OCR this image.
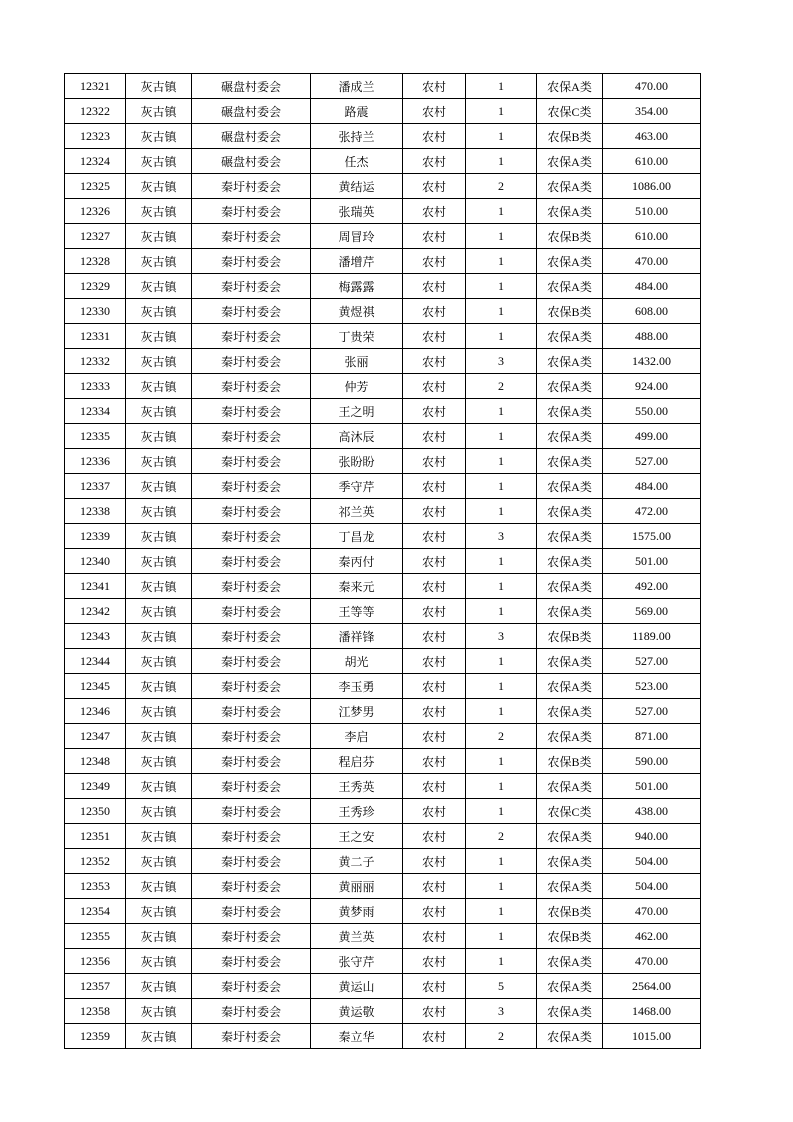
12321	灰古镇	碾盘村委会	潘成兰	农村	1	农保A类	470.00
12322	灰古镇	碾盘村委会	路震	农村	1	农保C类	354.00
12323	灰古镇	碾盘村委会	张持兰	农村	1	农保B类	463.00
12324	灰古镇	碾盘村委会	任杰	农村	1	农保A类	610.00
12325	灰古镇	秦圩村委会	黄结运	农村	2	农保A类	1086.00
12326	灰古镇	秦圩村委会	张瑞英	农村	1	农保A类	510.00
12327	灰古镇	秦圩村委会	周冒玲	农村	1	农保B类	610.00
12328	灰古镇	秦圩村委会	潘增芹	农村	1	农保A类	470.00
12329	灰古镇	秦圩村委会	梅露露	农村	1	农保A类	484.00
12330	灰古镇	秦圩村委会	黄煜祺	农村	1	农保B类	608.00
12331	灰古镇	秦圩村委会	丁贵荣	农村	1	农保A类	488.00
12332	灰古镇	秦圩村委会	张丽	农村	3	农保A类	1432.00
12333	灰古镇	秦圩村委会	仲芳	农村	2	农保A类	924.00
12334	灰古镇	秦圩村委会	王之明	农村	1	农保A类	550.00
12335	灰古镇	秦圩村委会	高沐辰	农村	1	农保A类	499.00
12336	灰古镇	秦圩村委会	张盼盼	农村	1	农保A类	527.00
12337	灰古镇	秦圩村委会	季守芹	农村	1	农保A类	484.00
12338	灰古镇	秦圩村委会	祁兰英	农村	1	农保A类	472.00
12339	灰古镇	秦圩村委会	丁昌龙	农村	3	农保A类	1575.00
12340	灰古镇	秦圩村委会	秦丙付	农村	1	农保A类	501.00
12341	灰古镇	秦圩村委会	秦来元	农村	1	农保A类	492.00
12342	灰古镇	秦圩村委会	王等等	农村	1	农保A类	569.00
12343	灰古镇	秦圩村委会	潘祥锋	农村	3	农保B类	1189.00
12344	灰古镇	秦圩村委会	胡光	农村	1	农保A类	527.00
12345	灰古镇	秦圩村委会	李玉勇	农村	1	农保A类	523.00
12346	灰古镇	秦圩村委会	江梦男	农村	1	农保A类	527.00
12347	灰古镇	秦圩村委会	李启	农村	2	农保A类	871.00
12348	灰古镇	秦圩村委会	程启芬	农村	1	农保B类	590.00
12349	灰古镇	秦圩村委会	王秀英	农村	1	农保A类	501.00
12350	灰古镇	秦圩村委会	王秀珍	农村	1	农保C类	438.00
12351	灰古镇	秦圩村委会	王之安	农村	2	农保A类	940.00
12352	灰古镇	秦圩村委会	黄二子	农村	1	农保A类	504.00
12353	灰古镇	秦圩村委会	黄丽丽	农村	1	农保A类	504.00
12354	灰古镇	秦圩村委会	黄梦雨	农村	1	农保B类	470.00
12355	灰古镇	秦圩村委会	黄兰英	农村	1	农保B类	462.00
12356	灰古镇	秦圩村委会	张守芹	农村	1	农保A类	470.00
12357	灰古镇	秦圩村委会	黄运山	农村	5	农保A类	2564.00
12358	灰古镇	秦圩村委会	黄运敬	农村	3	农保A类	1468.00
12359	灰古镇	秦圩村委会	秦立华	农村	2	农保A类	1015.00
